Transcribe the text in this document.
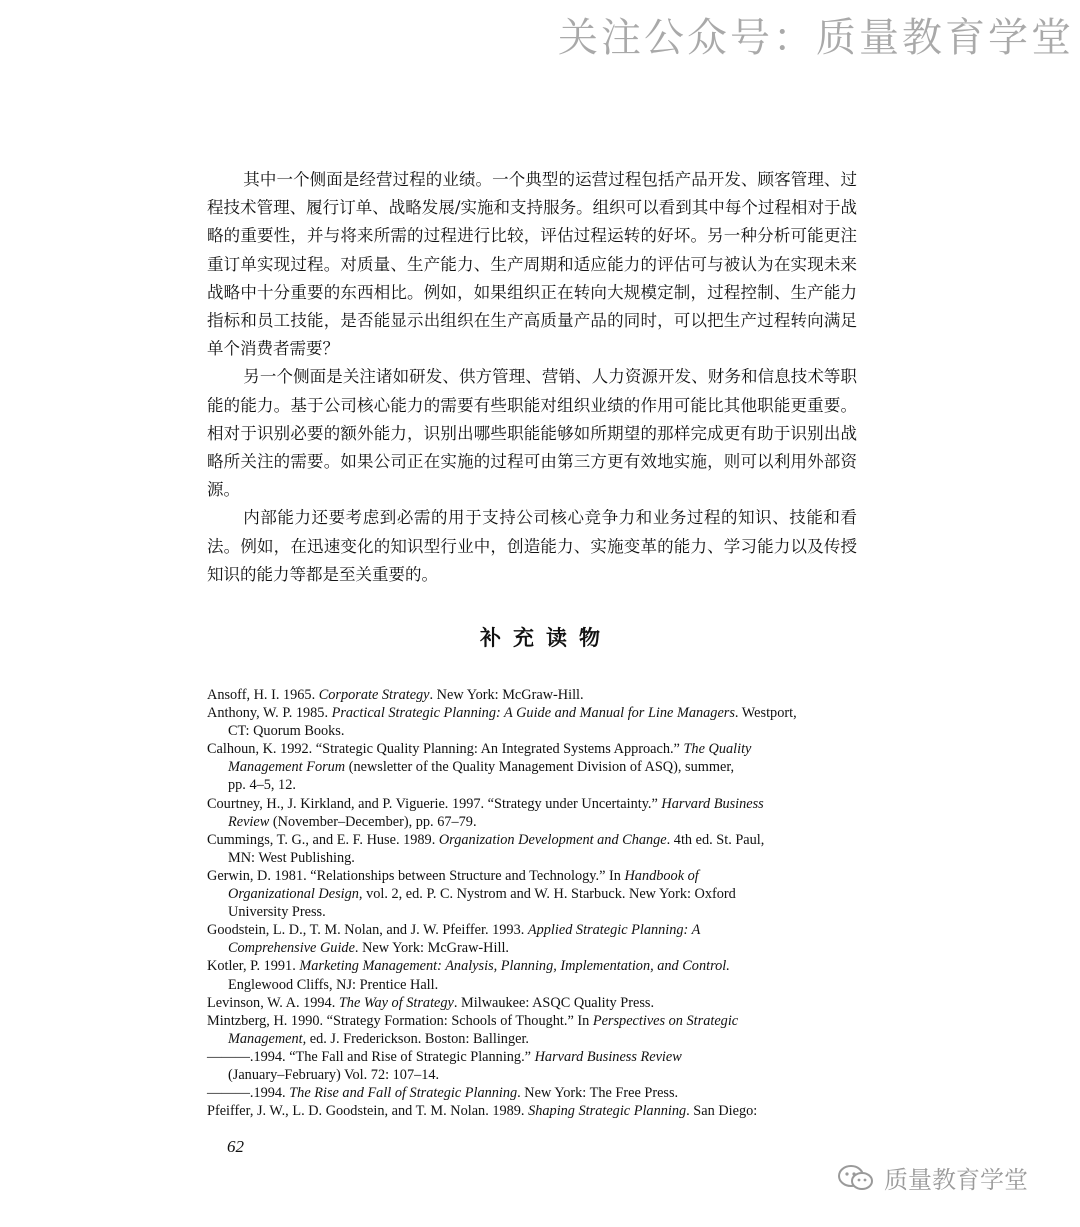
关注公众号：质量教育学堂

其中一个侧面是经营过程的业绩。一个典型的运营过程包括产品开发、顾客管理、过程技术管理、履行订单、战略发展/实施和支持服务。组织可以看到其中每个过程相对于战略的重要性，并与将来所需的过程进行比较，评估过程运转的好坏。另一种分析可能更注重订单实现过程。对质量、生产能力、生产周期和适应能力的评估可与被认为在实现未来战略中十分重要的东西相比。例如，如果组织正在转向大规模定制，过程控制、生产能力指标和员工技能，是否能显示出组织在生产高质量产品的同时，可以把生产过程转向满足单个消费者需要？

另一个侧面是关注诸如研发、供方管理、营销、人力资源开发、财务和信息技术等职能的能力。基于公司核心能力的需要有些职能对组织业绩的作用可能比其他职能更重要。相对于识别必要的额外能力，识别出哪些职能能够如所期望的那样完成更有助于识别出战略所关注的需要。如果公司正在实施的过程可由第三方更有效地实施，则可以利用外部资源。

内部能力还要考虑到必需的用于支持公司核心竞争力和业务过程的知识、技能和看法。例如，在迅速变化的知识型行业中，创造能力、实施变革的能力、学习能力以及传授知识的能力等都是至关重要的。

补充读物
Ansoff, H. I. 1965. Corporate Strategy. New York: McGraw-Hill.
Anthony, W. P. 1985. Practical Strategic Planning: A Guide and Manual for Line Managers. Westport,
CT: Quorum Books.
Calhoun, K. 1992. “Strategic Quality Planning: An Integrated Systems Approach.” The Quality
Management Forum (newsletter of the Quality Management Division of ASQ), summer,
pp. 4–5, 12.
Courtney, H., J. Kirkland, and P. Viguerie. 1997. “Strategy under Uncertainty.” Harvard Business
Review (November–December), pp. 67–79.
Cummings, T. G., and E. F. Huse. 1989. Organization Development and Change. 4th ed. St. Paul,
MN: West Publishing.
Gerwin, D. 1981. “Relationships between Structure and Technology.” In Handbook of
Organizational Design, vol. 2, ed. P. C. Nystrom and W. H. Starbuck. New York: Oxford
University Press.
Goodstein, L. D., T. M. Nolan, and J. W. Pfeiffer. 1993. Applied Strategic Planning: A
Comprehensive Guide. New York: McGraw-Hill.
Kotler, P. 1991. Marketing Management: Analysis, Planning, Implementation, and Control.
Englewood Cliffs, NJ: Prentice Hall.
Levinson, W. A. 1994. The Way of Strategy. Milwaukee: ASQC Quality Press.
Mintzberg, H. 1990. “Strategy Formation: Schools of Thought.” In Perspectives on Strategic
Management, ed. J. Frederickson. Boston: Ballinger.
———.1994. “The Fall and Rise of Strategic Planning.” Harvard Business Review
(January–February) Vol. 72: 107–14.
———.1994. The Rise and Fall of Strategic Planning. New York: The Free Press.
Pfeiffer, J. W., L. D. Goodstein, and T. M. Nolan. 1989. Shaping Strategic Planning. San Diego:
62
质量教育学堂
